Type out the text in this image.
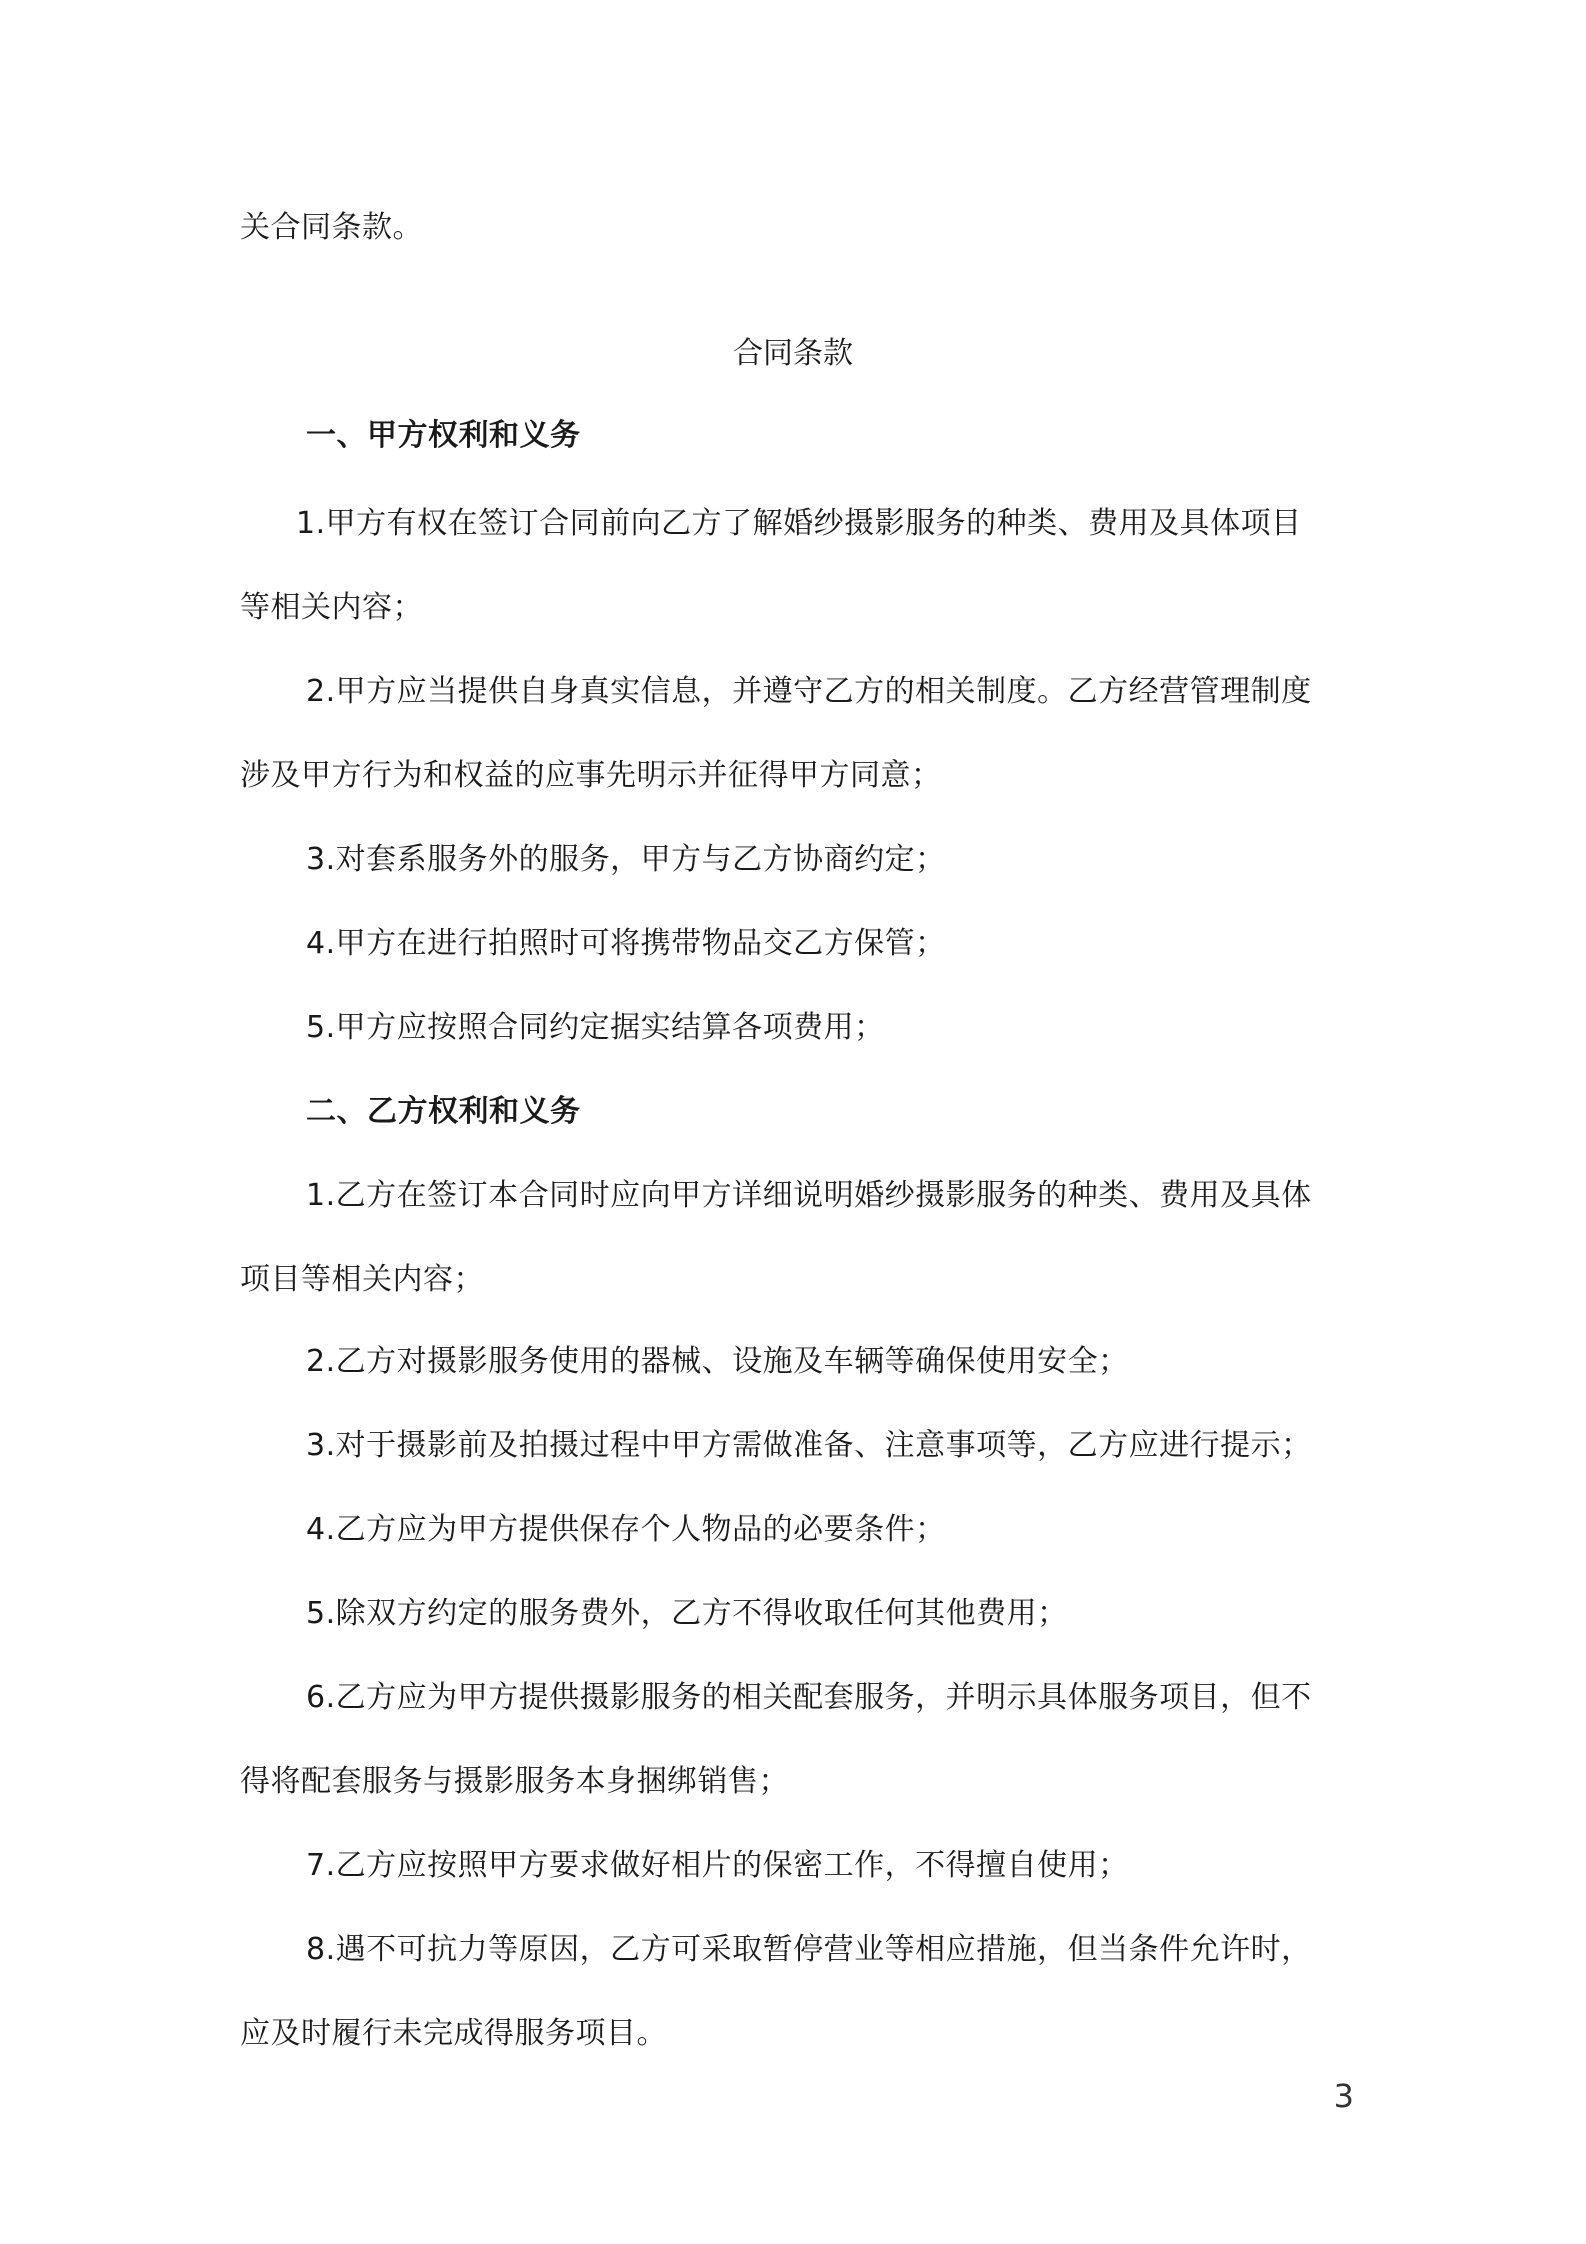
关合同条款。
合同条款
一、甲方权利和义务
1.甲方有权在签订合同前向乙方了解婚纱摄影服务的种类、费用及具体项目
等相关内容；
2.甲方应当提供自身真实信息，并遵守乙方的相关制度。乙方经营管理制度
涉及甲方行为和权益的应事先明示并征得甲方同意；
3.对套系服务外的服务，甲方与乙方协商约定；
4.甲方在进行拍照时可将携带物品交乙方保管；
5.甲方应按照合同约定据实结算各项费用；
二、乙方权利和义务
1.乙方在签订本合同时应向甲方详细说明婚纱摄影服务的种类、费用及具体
项目等相关内容；
2.乙方对摄影服务使用的器械、设施及车辆等确保使用安全；
3.对于摄影前及拍摄过程中甲方需做准备、注意事项等，乙方应进行提示；
4.乙方应为甲方提供保存个人物品的必要条件；
5.除双方约定的服务费外，乙方不得收取任何其他费用；
6.乙方应为甲方提供摄影服务的相关配套服务，并明示具体服务项目，但不
得将配套服务与摄影服务本身捆绑销售；
7.乙方应按照甲方要求做好相片的保密工作，不得擅自使用；
8.遇不可抗力等原因，乙方可采取暂停营业等相应措施，但当条件允许时，
应及时履行未完成得服务项目。
3
